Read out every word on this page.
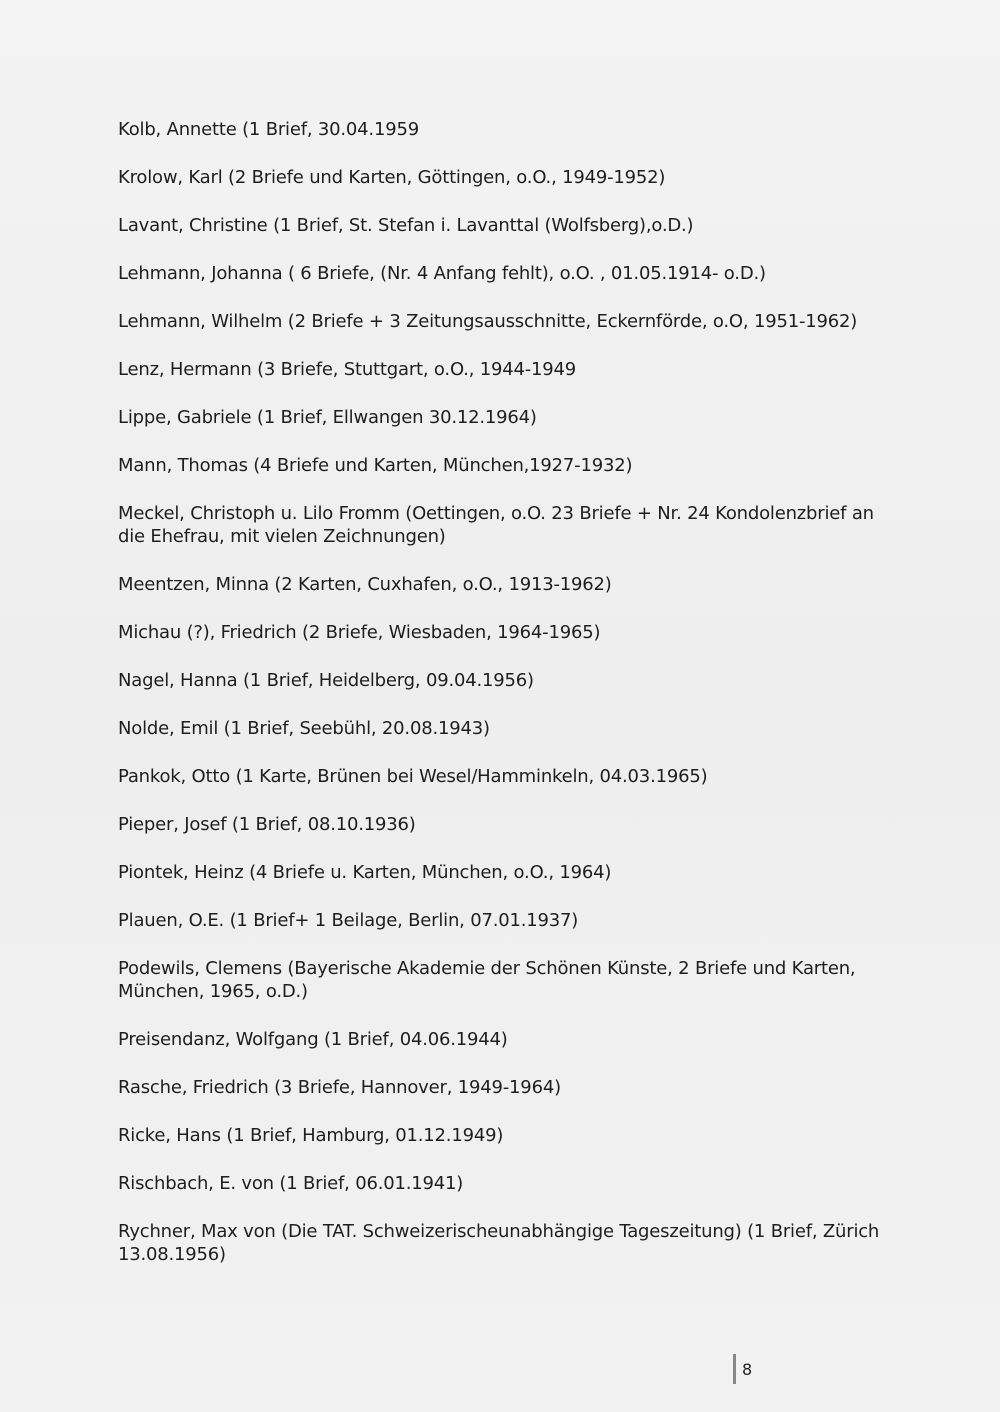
Kolb, Annette (1 Brief, 30.04.1959
Krolow, Karl (2 Briefe und Karten, Göttingen, o.O., 1949-1952)
Lavant, Christine (1 Brief, St. Stefan i. Lavanttal (Wolfsberg),o.D.)
Lehmann, Johanna ( 6 Briefe, (Nr. 4 Anfang fehlt), o.O. , 01.05.1914- o.D.)
Lehmann, Wilhelm (2 Briefe + 3 Zeitungsausschnitte, Eckernförde, o.O, 1951-1962)
Lenz, Hermann (3 Briefe, Stuttgart, o.O., 1944-1949
Lippe, Gabriele (1 Brief, Ellwangen 30.12.1964)
Mann, Thomas (4 Briefe und Karten, München,1927-1932)
Meckel, Christoph u. Lilo Fromm (Oettingen, o.O. 23 Briefe + Nr. 24 Kondolenzbrief an die Ehefrau, mit vielen Zeichnungen)
Meentzen, Minna (2 Karten, Cuxhafen, o.O., 1913-1962)
Michau (?), Friedrich (2 Briefe, Wiesbaden, 1964-1965)
Nagel, Hanna (1 Brief, Heidelberg, 09.04.1956)
Nolde, Emil (1 Brief, Seebühl, 20.08.1943)
Pankok, Otto (1 Karte, Brünen bei Wesel/Hamminkeln, 04.03.1965)
Pieper, Josef (1 Brief, 08.10.1936)
Piontek, Heinz (4 Briefe u. Karten, München, o.O., 1964)
Plauen, O.E. (1 Brief+ 1 Beilage, Berlin, 07.01.1937)
Podewils, Clemens (Bayerische Akademie der Schönen Künste, 2 Briefe und Karten, München, 1965, o.D.)
Preisendanz, Wolfgang (1 Brief, 04.06.1944)
Rasche, Friedrich (3 Briefe, Hannover, 1949-1964)
Ricke, Hans (1 Brief, Hamburg, 01.12.1949)
Rischbach, E. von (1 Brief, 06.01.1941)
Rychner, Max von (Die TAT. Schweizerischeunabhängige Tageszeitung) (1 Brief, Zürich 13.08.1956)
8
